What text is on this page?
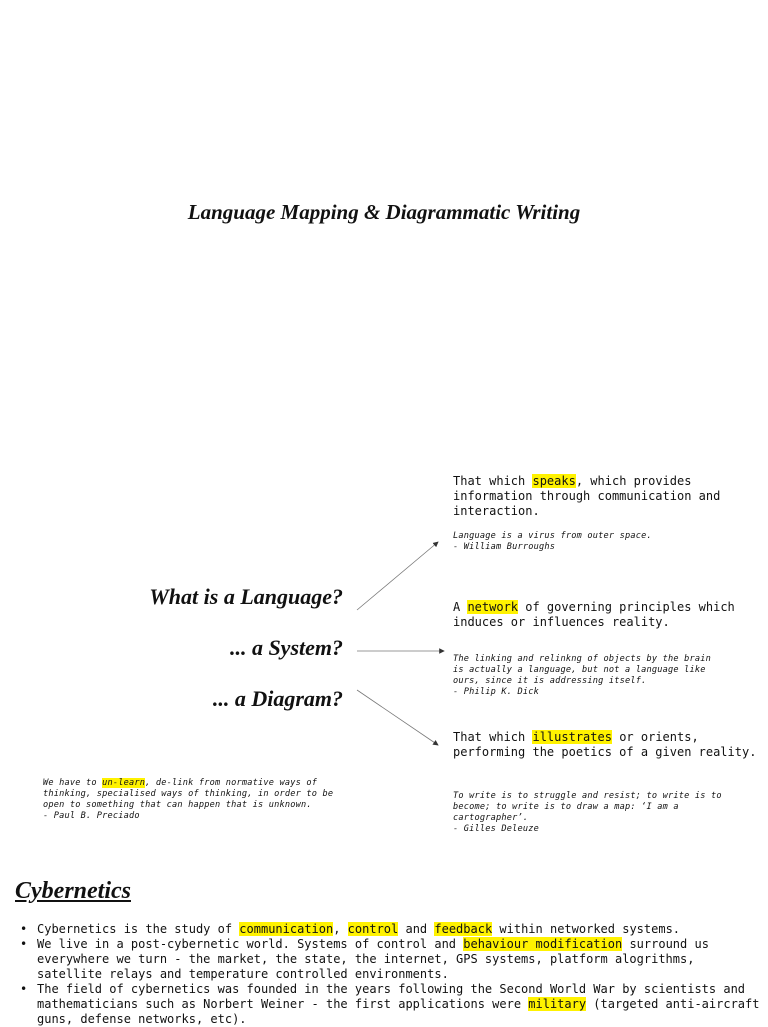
Language Mapping & Diagrammatic Writing
What is a Language?
... a System?
... a Diagram?
That which speaks, which provides information through communication and interaction.
Language is a virus from outer space.
- William Burroughs
A network of governing principles which induces or influences reality.
The linking and relinkng of objects by the brain
is actually a language, but not a language like
ours, since it is addressing itself.
- Philip K. Dick
That which illustrates or orients, performing the poetics of a given reality.
To write is to struggle and resist; to write is to
become; to write is to draw a map: ‘I am a
cartographer’.
- Gilles Deleuze
We have to un-learn, de-link from normative ways of thinking, specialised ways of thinking, in order to be open to something that can happen that is unknown.
- Paul B. Preciado
Cybernetics
• Cybernetics is the study of communication, control and feedback within networked systems.
• We live in a post-cybernetic world. Systems of control and behaviour modification surround us everywhere we turn - the market, the state, the internet, GPS systems, platform alogrithms, satellite relays and temperature controlled environments.
• The field of cybernetics was founded in the years following the Second World War by scientists and mathematicians such as Norbert Weiner - the first applications were military (targeted anti-aircraft guns, defense networks, etc).
